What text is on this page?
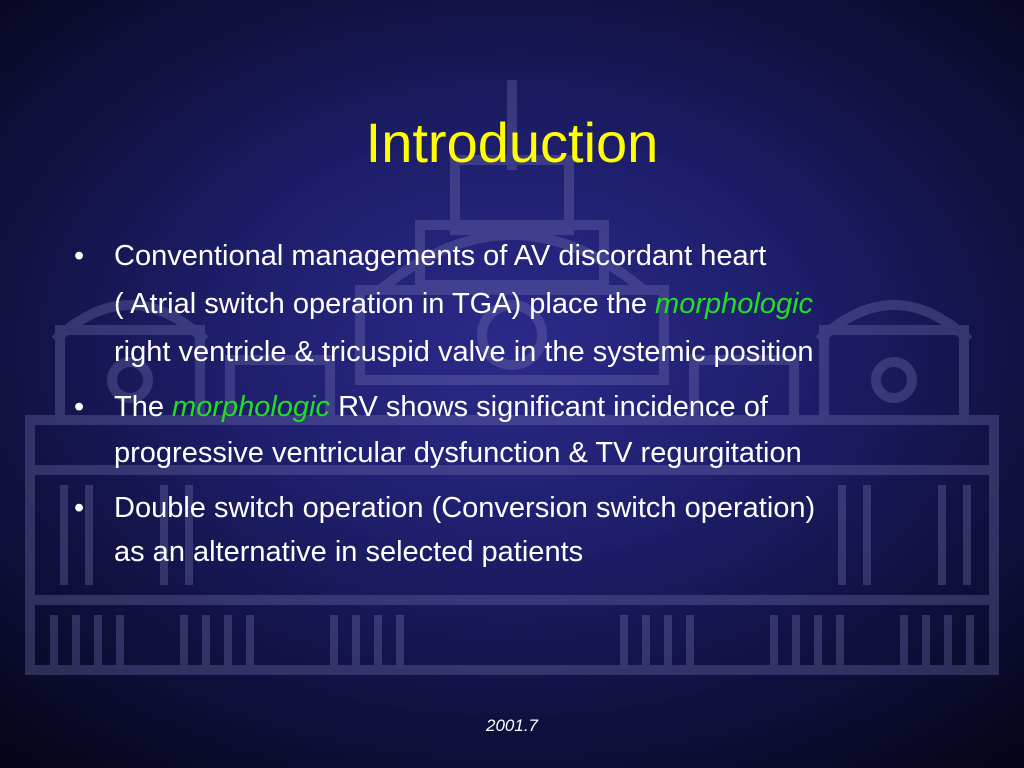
Introduction
• Conventional managements of AV discordant heart
( Atrial switch operation in TGA) place the morphologic
right ventricle & tricuspid valve in the systemic position
• The morphologic RV shows significant incidence of
progressive ventricular dysfunction & TV regurgitation
• Double switch operation (Conversion switch operation)
as an alternative in selected patients
2001.7
